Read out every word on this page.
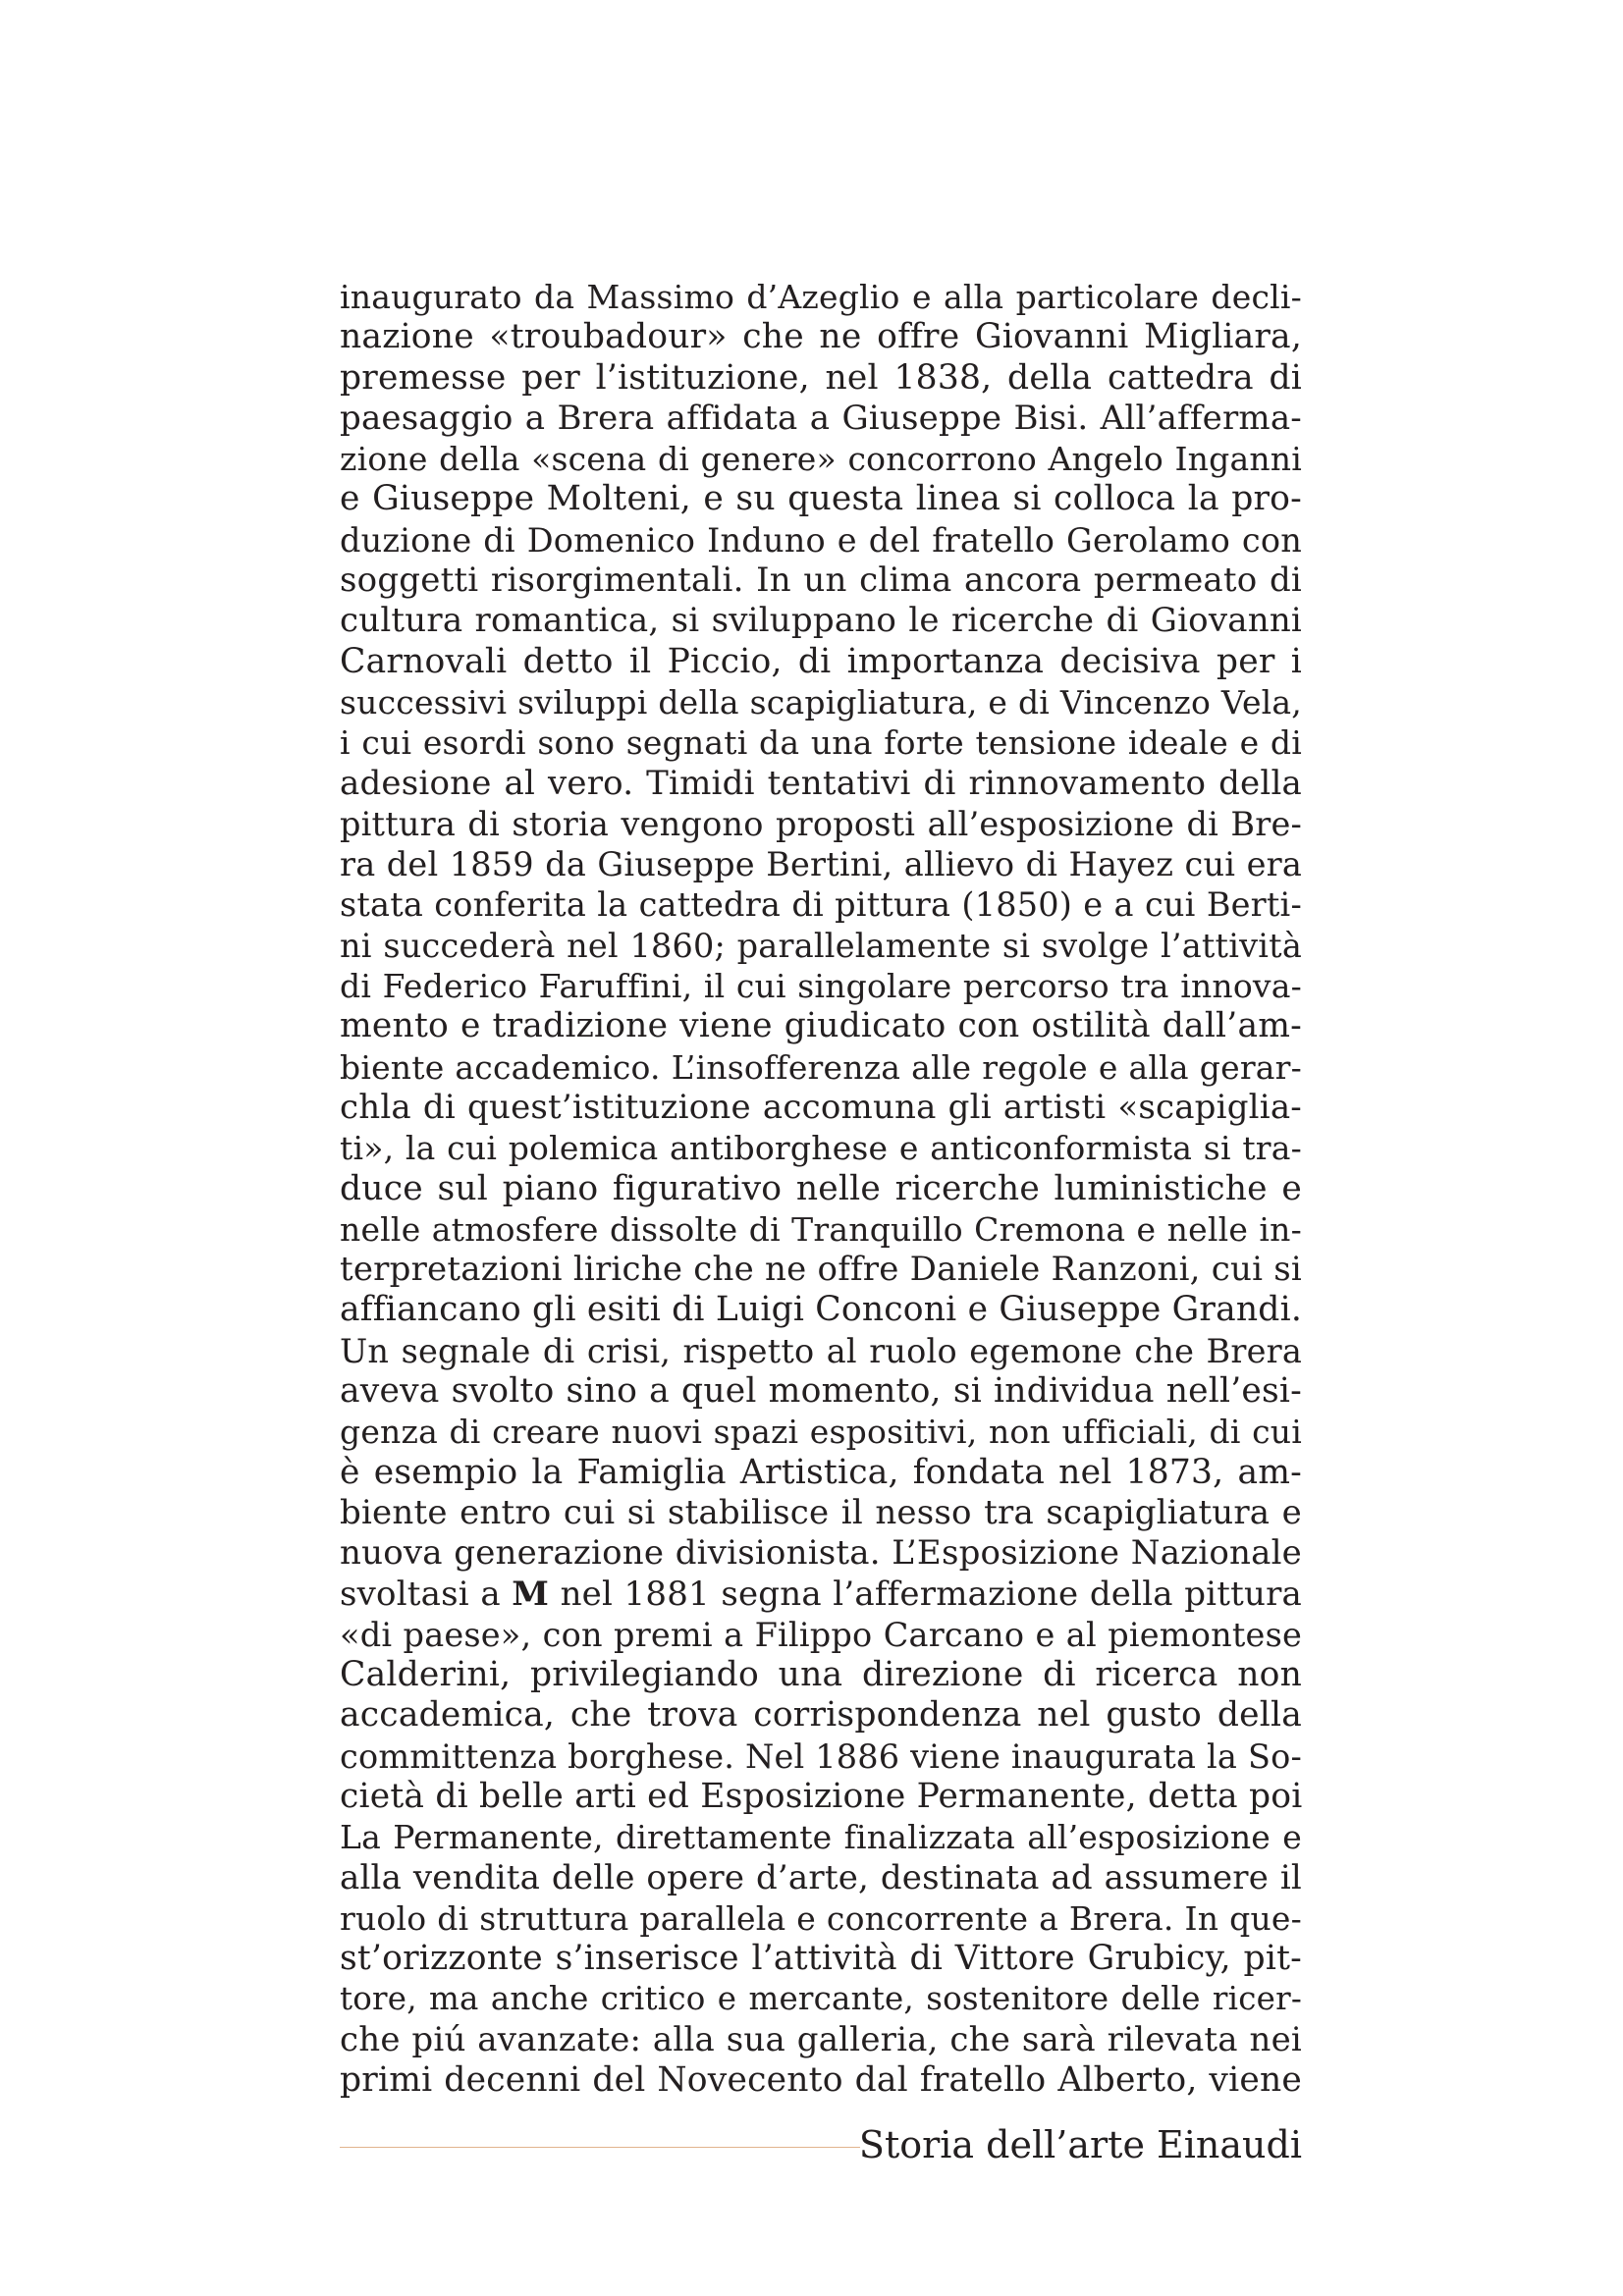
inaugurato da Massimo d’Azeglio e alla particolare decli-
nazione «troubadour» che ne offre Giovanni Migliara,
premesse per l’istituzione, nel 1838, della cattedra di
paesaggio a Brera affidata a Giuseppe Bisi. All’afferma-
zione della «scena di genere» concorrono Angelo Inganni
e Giuseppe Molteni, e su questa linea si colloca la pro-
duzione di Domenico Induno e del fratello Gerolamo con
soggetti risorgimentali. In un clima ancora permeato di
cultura romantica, si sviluppano le ricerche di Giovanni
Carnovali detto il Piccio, di importanza decisiva per i
successivi sviluppi della scapigliatura, e di Vincenzo Vela,
i cui esordi sono segnati da una forte tensione ideale e di
adesione al vero. Timidi tentativi di rinnovamento della
pittura di storia vengono proposti all’esposizione di Bre-
ra del 1859 da Giuseppe Bertini, allievo di Hayez cui era
stata conferita la cattedra di pittura (1850) e a cui Berti-
ni succederà nel 1860; parallelamente si svolge l’attività
di Federico Faruffini, il cui singolare percorso tra innova-
mento e tradizione viene giudicato con ostilità dall’am-
biente accademico. L’insofferenza alle regole e alla gerar-
chla di quest’istituzione accomuna gli artisti «scapiglia-
ti», la cui polemica antiborghese e anticonformista si tra-
duce sul piano figurativo nelle ricerche luministiche e
nelle atmosfere dissolte di Tranquillo Cremona e nelle in-
terpretazioni liriche che ne offre Daniele Ranzoni, cui si
affiancano gli esiti di Luigi Conconi e Giuseppe Grandi.
Un segnale di crisi, rispetto al ruolo egemone che Brera
aveva svolto sino a quel momento, si individua nell’esi-
genza di creare nuovi spazi espositivi, non ufficiali, di cui
è esempio la Famiglia Artistica, fondata nel 1873, am-
biente entro cui si stabilisce il nesso tra scapigliatura e
nuova generazione divisionista. L’Esposizione Nazionale
svoltasi a M nel 1881 segna l’affermazione della pittura
«di paese», con premi a Filippo Carcano e al piemontese
Calderini, privilegiando una direzione di ricerca non
accademica, che trova corrispondenza nel gusto della
committenza borghese. Nel 1886 viene inaugurata la So-
cietà di belle arti ed Esposizione Permanente, detta poi
La Permanente, direttamente finalizzata all’esposizione e
alla vendita delle opere d’arte, destinata ad assumere il
ruolo di struttura parallela e concorrente a Brera. In que-
st’orizzonte s’inserisce l’attività di Vittore Grubicy, pit-
tore, ma anche critico e mercante, sostenitore delle ricer-
che piú avanzate: alla sua galleria, che sarà rilevata nei
primi decenni del Novecento dal fratello Alberto, viene
Storia dell’arte Einaudi
